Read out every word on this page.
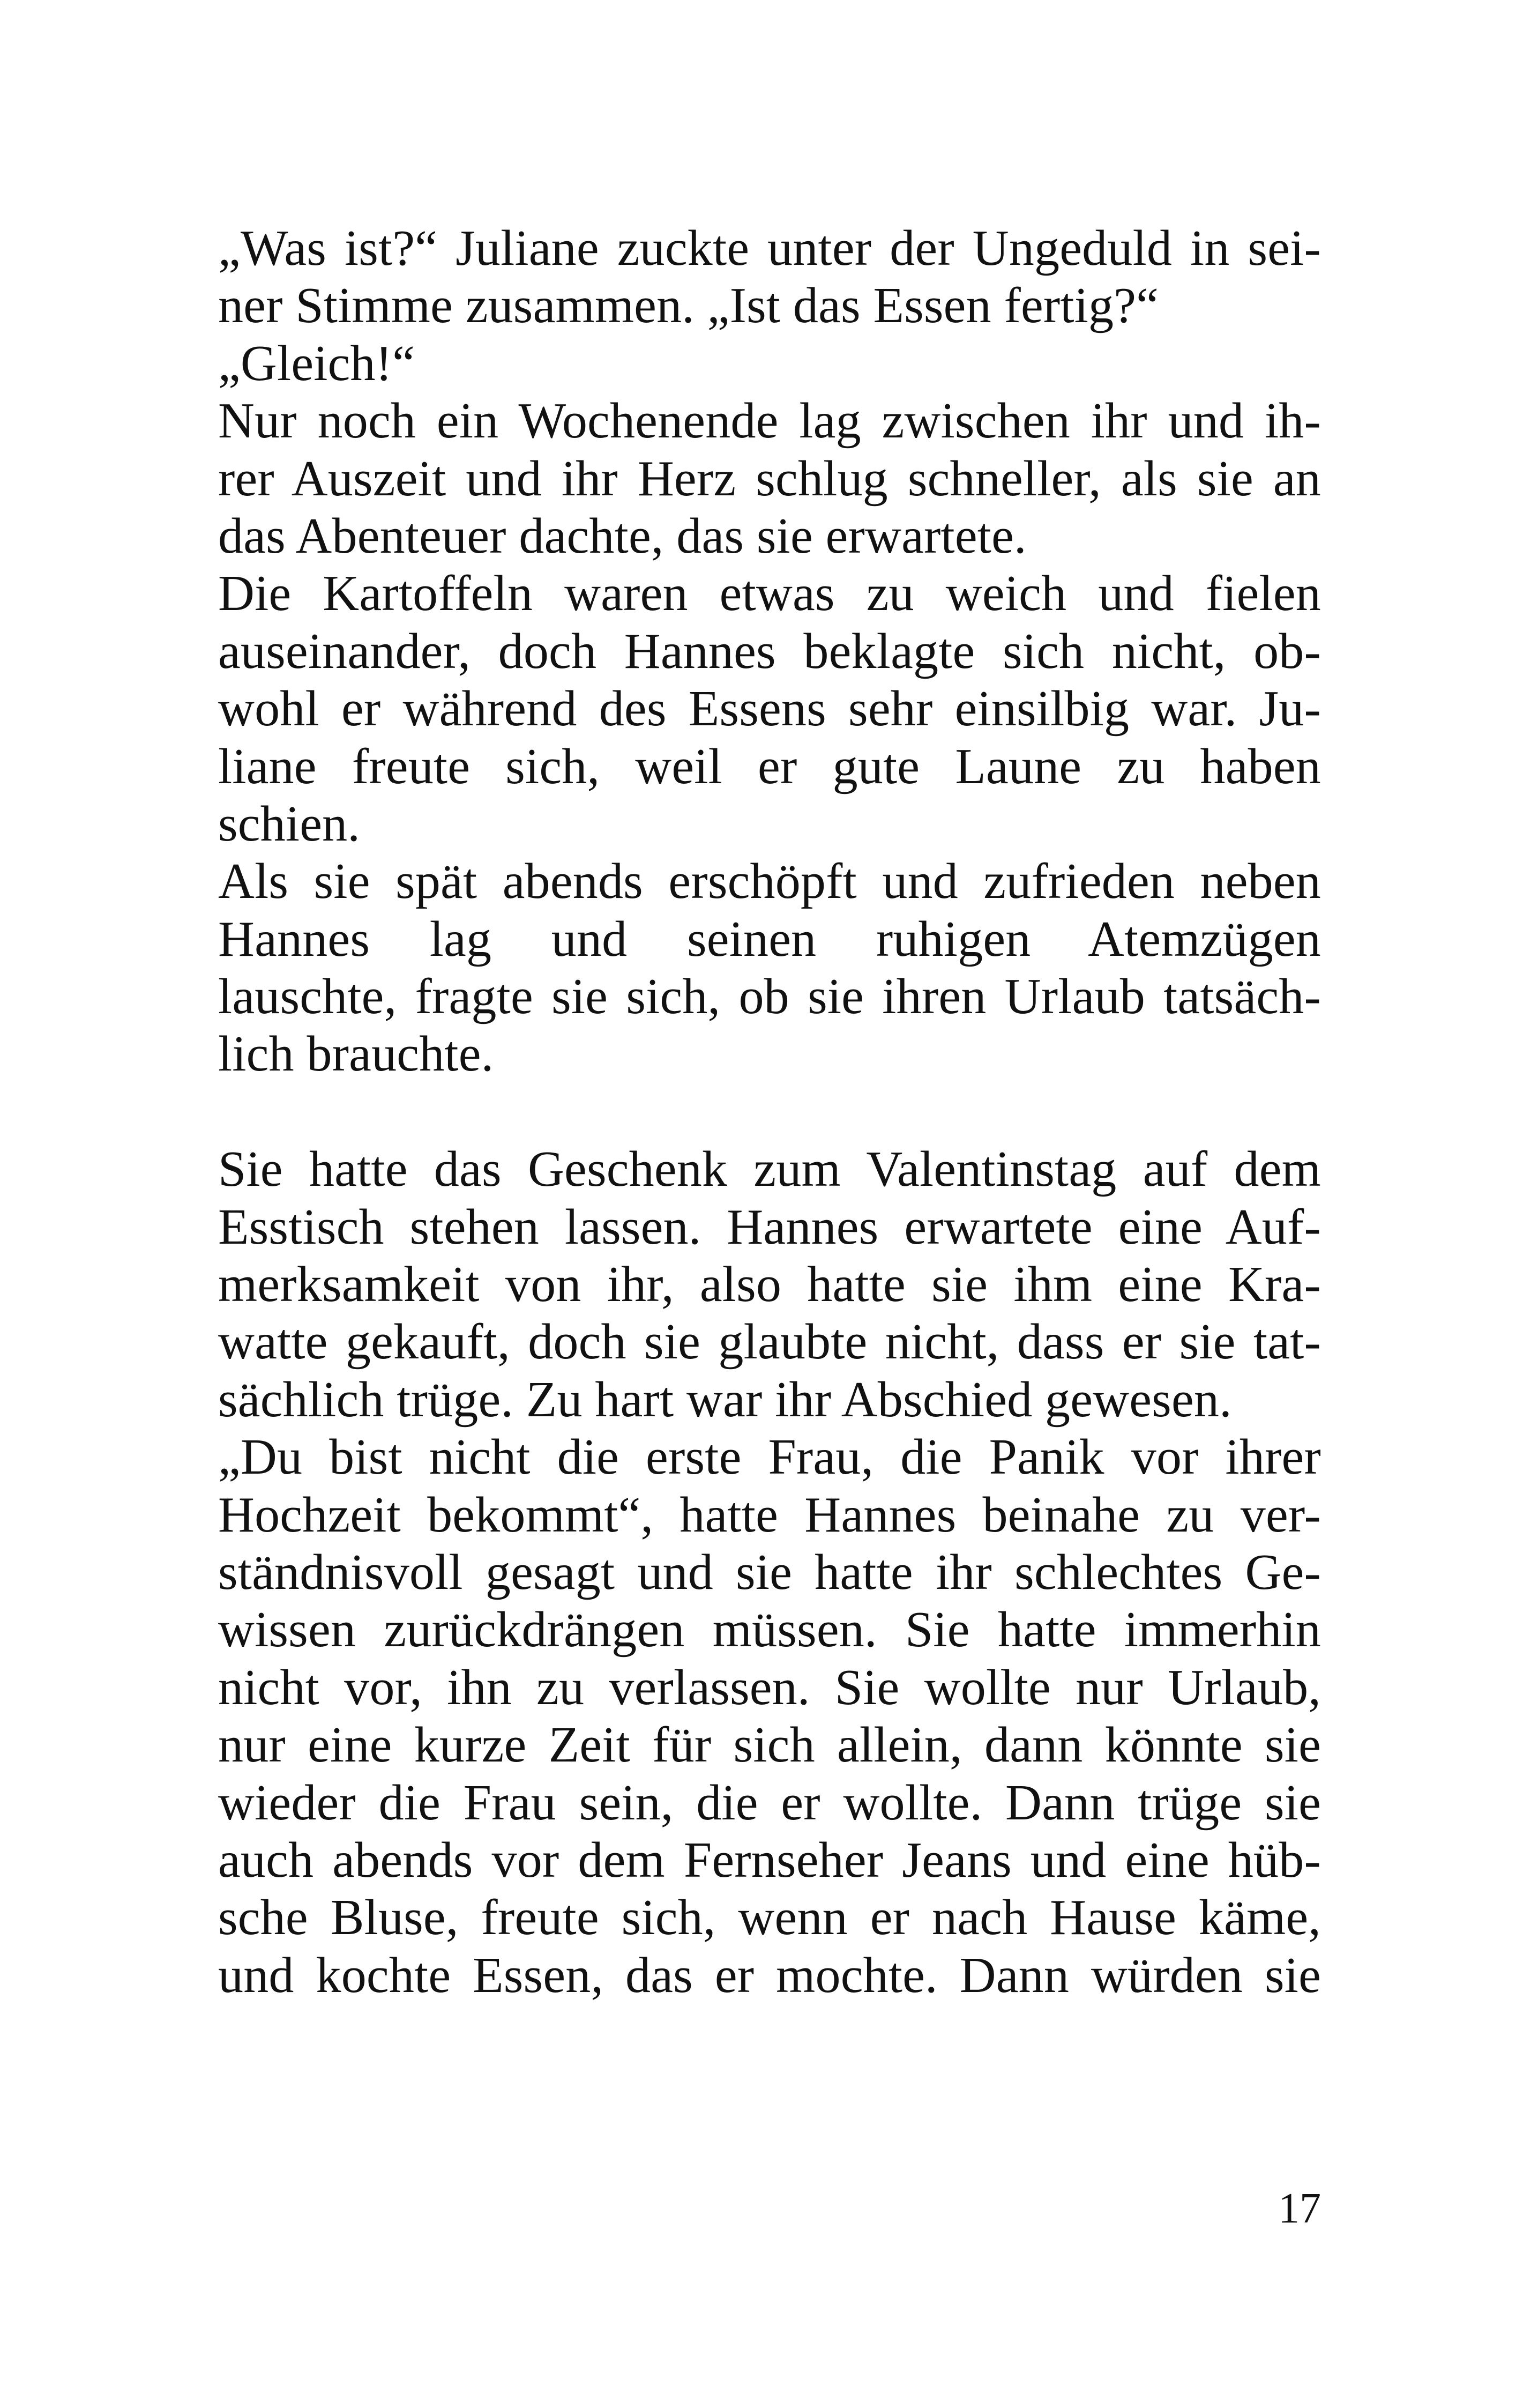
„Was ist?“ Juliane zuckte unter der Ungeduld in sei-
ner Stimme zusammen. „Ist das Essen fertig?“
„Gleich!“
Nur noch ein Wochenende lag zwischen ihr und ih-
rer Auszeit und ihr Herz schlug schneller, als sie an
das Abenteuer dachte, das sie erwartete.
Die Kartoffeln waren etwas zu weich und fielen
auseinander, doch Hannes beklagte sich nicht, ob-
wohl er während des Essens sehr einsilbig war. Ju-
liane freute sich, weil er gute Laune zu haben
schien.
Als sie spät abends erschöpft und zufrieden neben
Hannes lag und seinen ruhigen Atemzügen
lauschte, fragte sie sich, ob sie ihren Urlaub tatsäch-
lich brauchte.
Sie hatte das Geschenk zum Valentinstag auf dem
Esstisch stehen lassen. Hannes erwartete eine Auf-
merksamkeit von ihr, also hatte sie ihm eine Kra-
watte gekauft, doch sie glaubte nicht, dass er sie tat-
sächlich trüge. Zu hart war ihr Abschied gewesen.
„Du bist nicht die erste Frau, die Panik vor ihrer
Hochzeit bekommt“, hatte Hannes beinahe zu ver-
ständnisvoll gesagt und sie hatte ihr schlechtes Ge-
wissen zurückdrängen müssen. Sie hatte immerhin
nicht vor, ihn zu verlassen. Sie wollte nur Urlaub,
nur eine kurze Zeit für sich allein, dann könnte sie
wieder die Frau sein, die er wollte. Dann trüge sie
auch abends vor dem Fernseher Jeans und eine hüb-
sche Bluse, freute sich, wenn er nach Hause käme,
und kochte Essen, das er mochte. Dann würden sie
17
